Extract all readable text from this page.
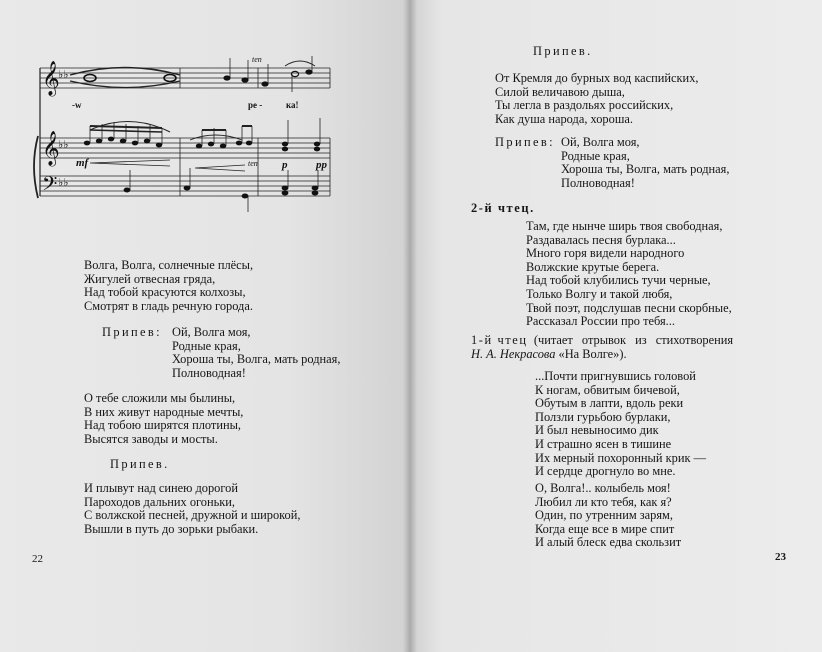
𝄞
𝄞
𝄢
♭♭
♭♭
♭♭
ten
ten
mf	p	pp
-w	ре -	ка!
Волга, Волга, солнечные плёсы,
Жигулей отвесная гряда,
Над тобой красуются колхозы,
Смотрят в гладь речную города.
Припев: Ой, Волга моя,
Родные края,
Хороша ты, Волга, мать родная,
Полноводная!
О тебе сложили мы былины,
В них живут народные мечты,
Над тобою ширятся плотины,
Высятся заводы и мосты.
Припев.
И плывут над синею дорогой
Пароходов дальних огоньки,
С волжской песней, дружной и широкой,
Вышли в путь до зорьки рыбаки.
22
Припев.
От Кремля до бурных вод каспийских,
Силой величавою дыша,
Ты легла в раздольях российских,
Как душа народа, хороша.
Припев: Ой, Волга моя,
Родные края,
Хороша ты, Волга, мать родная,
Полноводная!
2-й чтец.
Там, где нынче ширь твоя свободная,
Раздавалась песня бурлака...
Много горя видели народного
Волжские крутые берега.
Над тобой клубились тучи черные,
Только Волгу и такой любя,
Твой поэт, подслушав песни скорбные,
Рассказал России про тебя...
1-й чтец (читает отрывок из стихотворения
Н. А. Некрасова «На Волге»).
...Почти пригнувшись головой
К ногам, обвитым бичевой,
Обутым в лапти, вдоль реки
Ползли гурьбою бурлаки,
И был невыносимо дик
И страшно ясен в тишине
Их мерный похоронный крик —
И сердце дрогнуло во мне.
О, Волга!.. колыбель моя!
Любил ли кто тебя, как я?
Один, по утренним зарям,
Когда еще все в мире спит
И алый блеск едва скользит
23
